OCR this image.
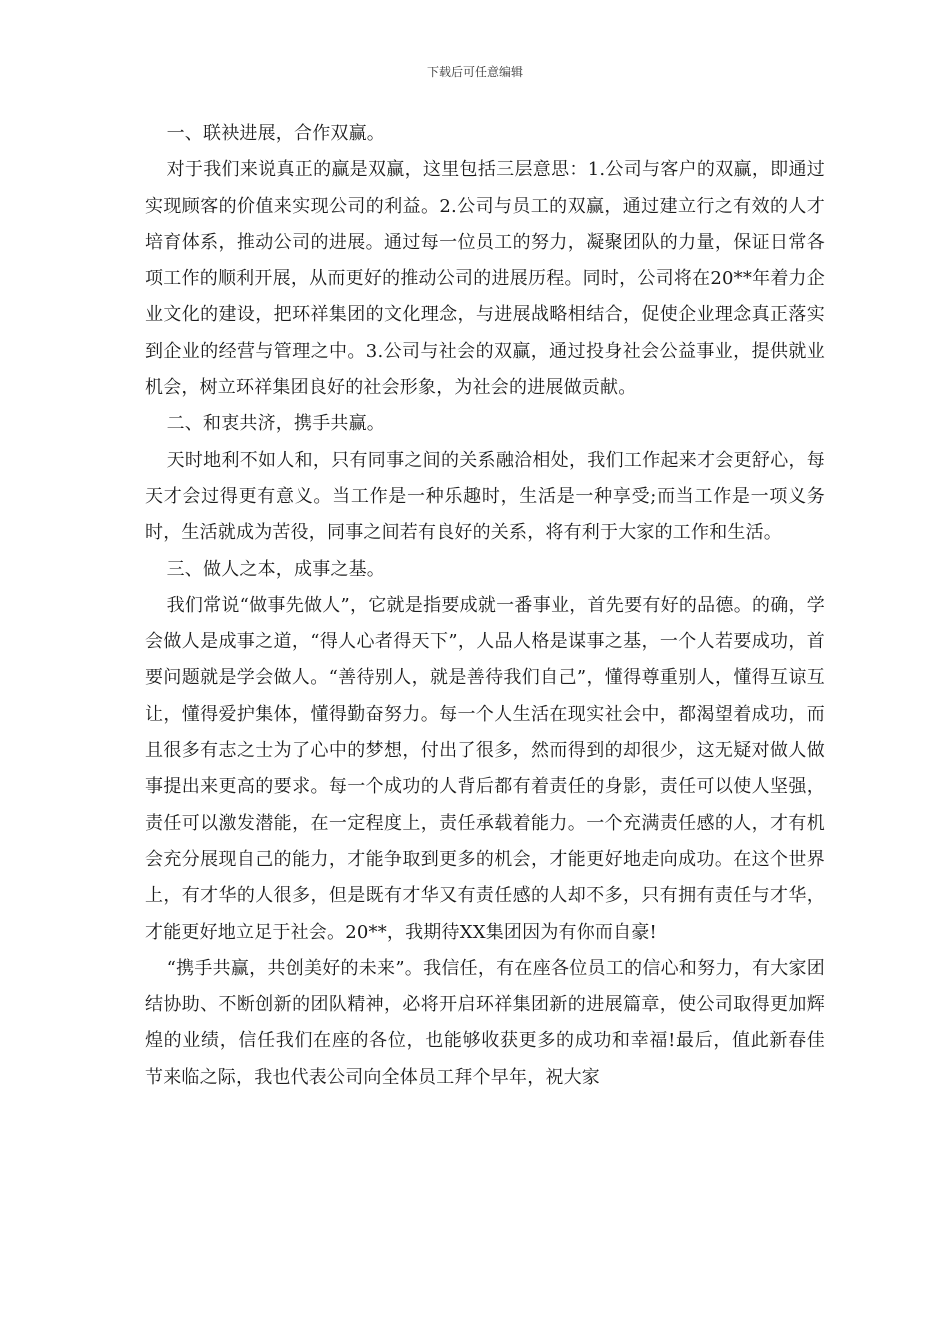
下载后可任意编辑

一、联袂进展，合作双赢。

对于我们来说真正的赢是双赢，这里包括三层意思：1.公司与客户的双赢，即通过实现顾客的价值来实现公司的利益。2.公司与员工的双赢，通过建立行之有效的人才培育体系，推动公司的进展。通过每一位员工的努力，凝聚团队的力量，保证日常各项工作的顺利开展，从而更好的推动公司的进展历程。同时，公司将在20**年着力企业文化的建设，把环祥集团的文化理念，与进展战略相结合，促使企业理念真正落实到企业的经营与管理之中。3.公司与社会的双赢，通过投身社会公益事业，提供就业机会，树立环祥集团良好的社会形象，为社会的进展做贡献。

二、和衷共济，携手共赢。

天时地利不如人和，只有同事之间的关系融洽相处，我们工作起来才会更舒心，每天才会过得更有意义。当工作是一种乐趣时，生活是一种享受;而当工作是一项义务时，生活就成为苦役，同事之间若有良好的关系，将有利于大家的工作和生活。

三、做人之本，成事之基。

我们常说“做事先做人”，它就是指要成就一番事业，首先要有好的品德。的确，学会做人是成事之道，“得人心者得天下”，人品人格是谋事之基，一个人若要成功，首要问题就是学会做人。“善待别人，就是善待我们自己”，懂得尊重别人，懂得互谅互让，懂得爱护集体，懂得勤奋努力。每一个人生活在现实社会中，都渴望着成功，而且很多有志之士为了心中的梦想，付出了很多，然而得到的却很少，这无疑对做人做事提出来更高的要求。每一个成功的人背后都有着责任的身影，责任可以使人坚强，责任可以激发潜能，在一定程度上，责任承载着能力。一个充满责任感的人，才有机会充分展现自己的能力，才能争取到更多的机会，才能更好地走向成功。在这个世界上，有才华的人很多，但是既有才华又有责任感的人却不多，只有拥有责任与才华，才能更好地立足于社会。20**，我期待XX集团因为有你而自豪!

“携手共赢，共创美好的未来”。我信任，有在座各位员工的信心和努力，有大家团结协助、不断创新的团队精神，必将开启环祥集团新的进展篇章，使公司取得更加辉煌的业绩，信任我们在座的各位，也能够收获更多的成功和幸福!最后，值此新春佳节来临之际，我也代表公司向全体员工拜个早年，祝大家
